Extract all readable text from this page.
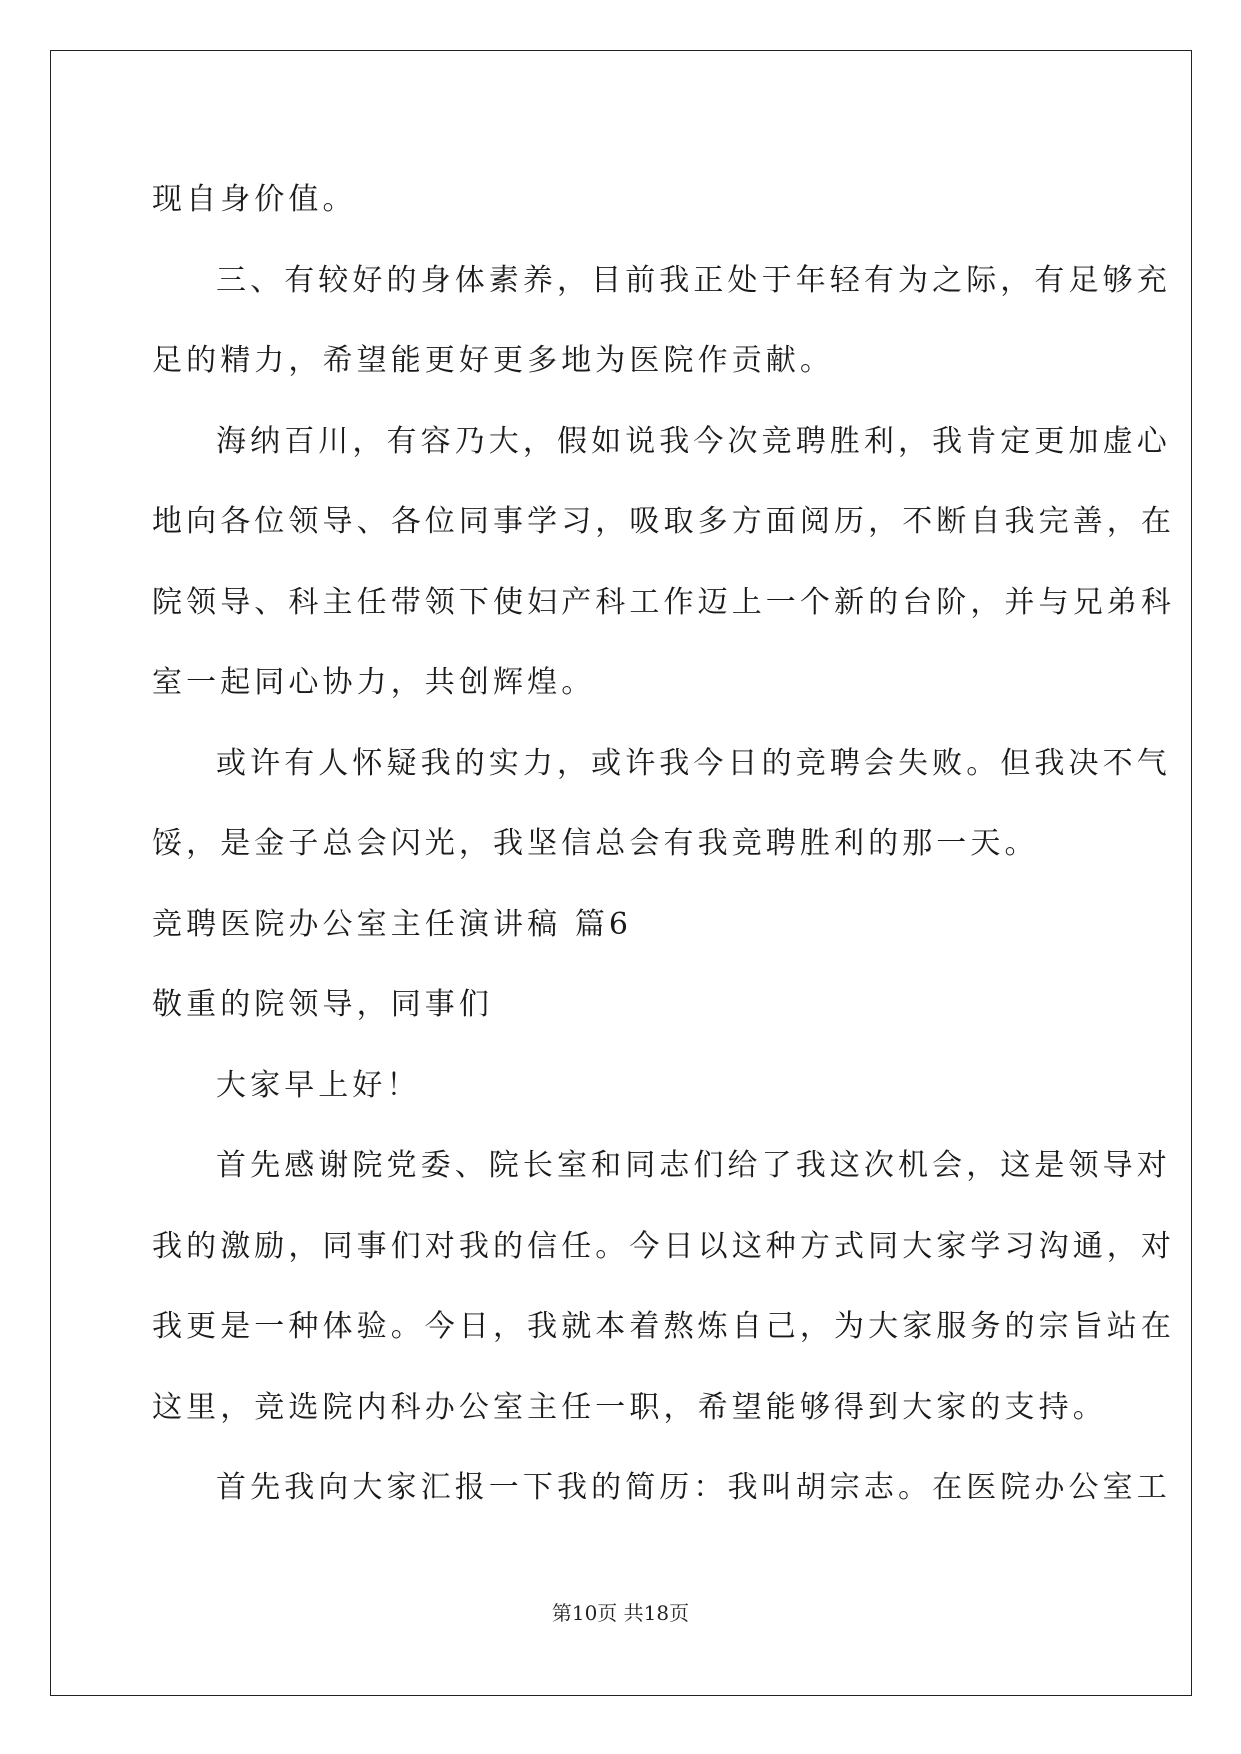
现自身价值。
三、有较好的身体素养，目前我正处于年轻有为之际，有足够充
足的精力，希望能更好更多地为医院作贡献。
海纳百川，有容乃大，假如说我今次竞聘胜利，我肯定更加虚心
地向各位领导、各位同事学习，吸取多方面阅历，不断自我完善，在
院领导、科主任带领下使妇产科工作迈上一个新的台阶，并与兄弟科
室一起同心协力，共创辉煌。
或许有人怀疑我的实力，或许我今日的竞聘会失败。但我决不气
馁，是金子总会闪光，我坚信总会有我竞聘胜利的那一天。
竞聘医院办公室主任演讲稿 篇6
敬重的院领导，同事们
大家早上好！
首先感谢院党委、院长室和同志们给了我这次机会，这是领导对
我的激励，同事们对我的信任。今日以这种方式同大家学习沟通，对
我更是一种体验。今日，我就本着熬炼自己，为大家服务的宗旨站在
这里，竞选院内科办公室主任一职，希望能够得到大家的支持。
首先我向大家汇报一下我的简历：我叫胡宗志。在医院办公室工
第10页 共18页
